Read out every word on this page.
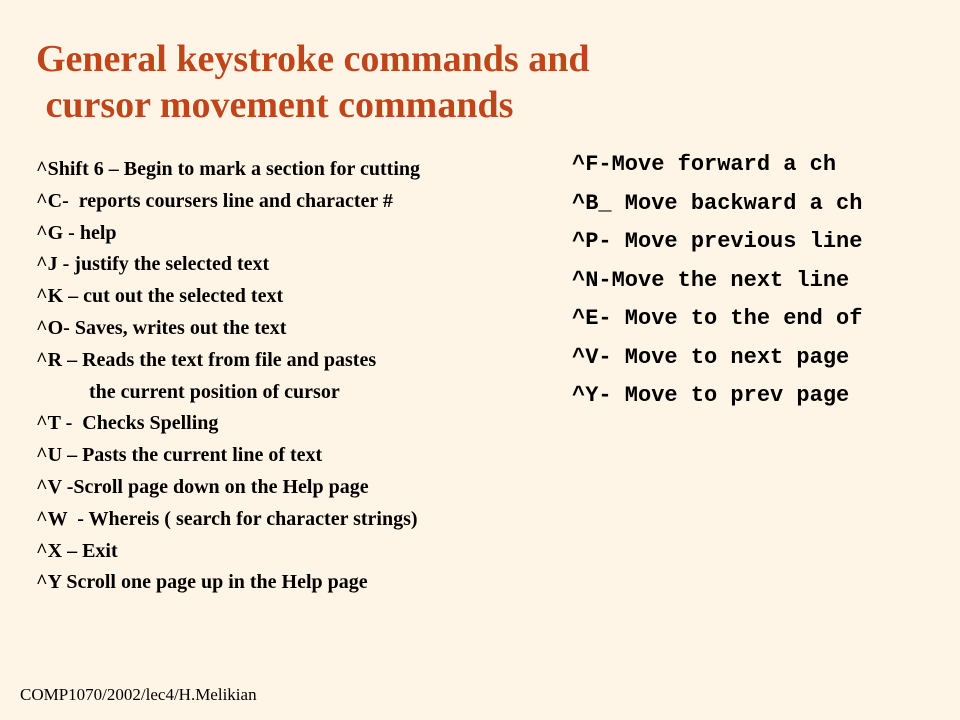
General keystroke commands and
cursor movement commands
^Shift 6 – Begin to mark a section for cutting
^C-  reports coursers line and character #
^G - help
^J - justify the selected text
^K – cut out the selected text
^O- Saves, writes out the text
^R – Reads the text from file and pastes
the current position of cursor
^T -  Checks Spelling
^U – Pasts the current line of text
^V -Scroll page down on the Help page
^W  - Whereis ( search for character strings)
^X – Exit
^Y Scroll one page up in the Help page
^F-Move forward a ch
^B_ Move backward a ch
^P- Move previous line
^N-Move the next line
^E- Move to the end of
^V- Move to next page
^Y- Move to prev page
COMP1070/2002/lec4/H.Melikian
